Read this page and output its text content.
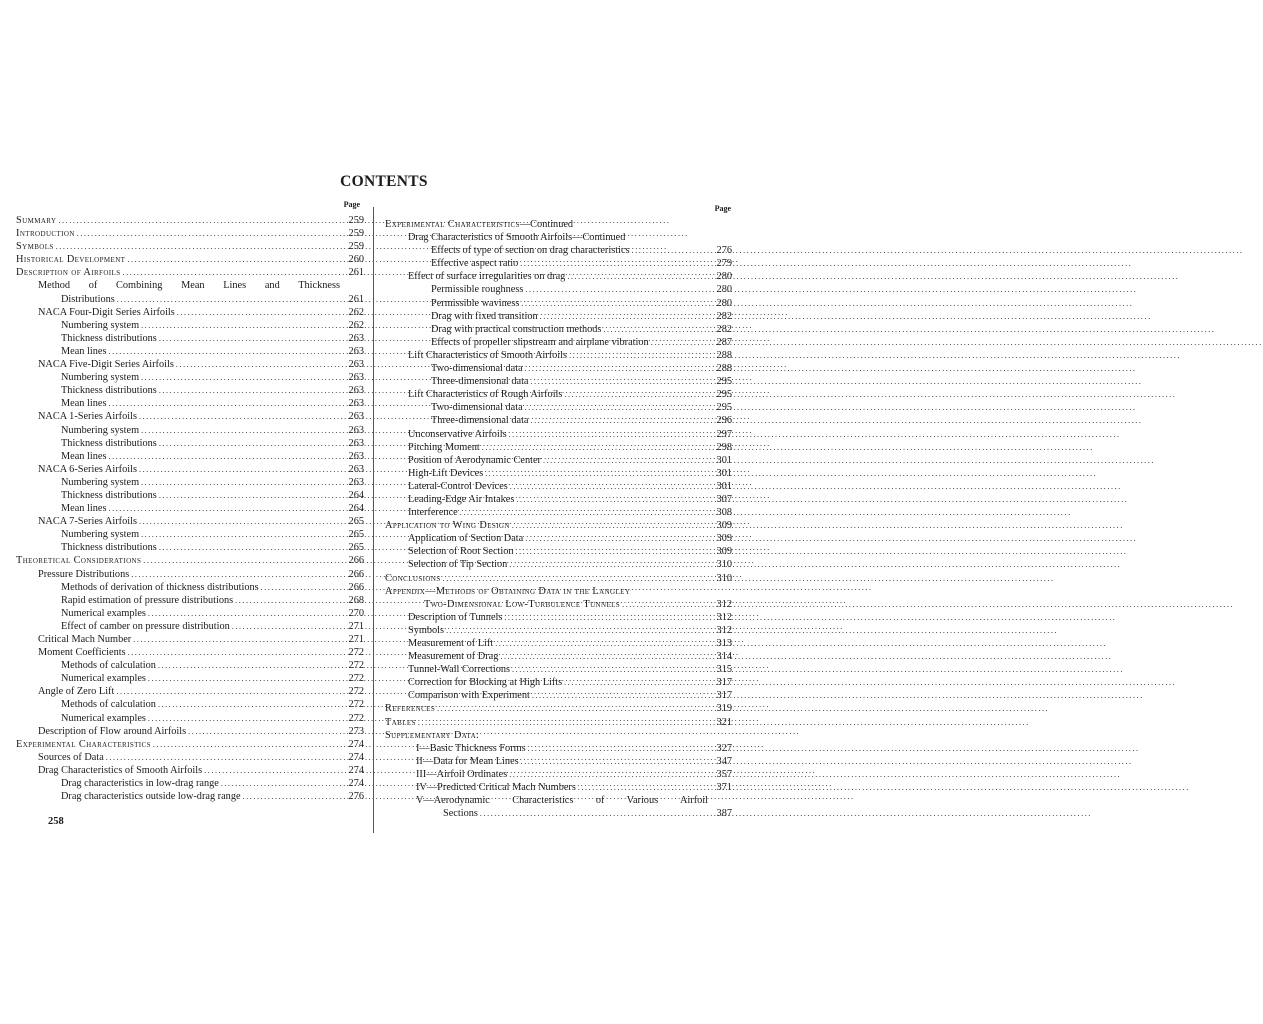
CONTENTS
Page
Summary .....	259
Introduction .....	259
Symbols .....	259
Historical Development .....	260
Description of Airfoils .....	261
Method of Combining Mean Lines and Thickness
Distributions .....	261
NACA Four-Digit Series Airfoils .....	262
Numbering system .....	262
Thickness distributions .....	263
Mean lines .....	263
NACA Five-Digit Series Airfoils .....	263
Numbering system .....	263
Thickness distributions .....	263
Mean lines .....	263
NACA 1-Series Airfoils .....	263
Numbering system .....	263
Thickness distributions .....	263
Mean lines .....	263
NACA 6-Series Airfoils .....	263
Numbering system .....	263
Thickness distributions .....	264
Mean lines .....	264
NACA 7-Series Airfoils .....	265
Numbering system .....	265
Thickness distributions .....	265
Theoretical Considerations .....	266
Pressure Distributions .....	266
Methods of derivation of thickness distributions .....	266
Rapid estimation of pressure distributions .....	268
Numerical examples .....	270
Effect of camber on pressure distribution .....	271
Critical Mach Number .....	271
Moment Coefficients .....	272
Methods of calculation .....	272
Numerical examples .....	272
Angle of Zero Lift .....	272
Methods of calculation .....	272
Numerical examples .....	272
Description of Flow around Airfoils .....	273
Experimental Characteristics .....	274
Sources of Data .....	274
Drag Characteristics of Smooth Airfoils .....	274
Drag characteristics in low-drag range .....	274
Drag characteristics outside low-drag range .....	276
Page
Experimental Characteristics —Continued
Drag Characteristics of Smooth Airfoils—Continued
Effects of type of section on drag characteristics .....	276
Effective aspect ratio .....	279
Effect of surface irregularities on drag .....	280
Permissible roughness .....	280
Permissible waviness .....	280
Drag with fixed transition .....	282
Drag with practical construction methods .....	282
Effects of propeller slipstream and airplane vibration .....	287
Lift Characteristics of Smooth Airfoils .....	288
Two-dimensional data .....	288
Three-dimensional data .....	295
Lift Characteristics of Rough Airfoils .....	295
Two-dimensional data .....	295
Three-dimensional data .....	296
Unconservative Airfoils .....	297
Pitching Moment .....	298
Position of Aerodynamic Center .....	301
High-Lift Devices .....	301
Lateral-Control Devices .....	301
Leading-Edge Air Intakes .....	307
Interference .....	308
Application to Wing Design .....	309
Application of Section Data .....	309
Selection of Root Section .....	309
Selection of Tip Section .....	310
Conclusions .....	310
Appendix—Methods of Obtaining Data in the Langley
Two-Dimensional Low-Turbulence Tunnels .....	312
Description of Tunnels .....	312
Symbols .....	312
Measurement of Lift .....	313
Measurement of Drag .....	314
Tunnel-Wall Corrections .....	315
Correction for Blocking at High Lifts .....	317
Comparison with Experiment .....	317
References .....	319
Tables .....	321
Supplementary Data:
I—Basic Thickness Forms .....	327
II—Data for Mean Lines .....	347
III—Airfoil Ordinates .....	357
IV—Predicted Critical Mach Numbers .....	371
V—Aerodynamic Characteristics of Various Airfoil
Sections .....	387
258
